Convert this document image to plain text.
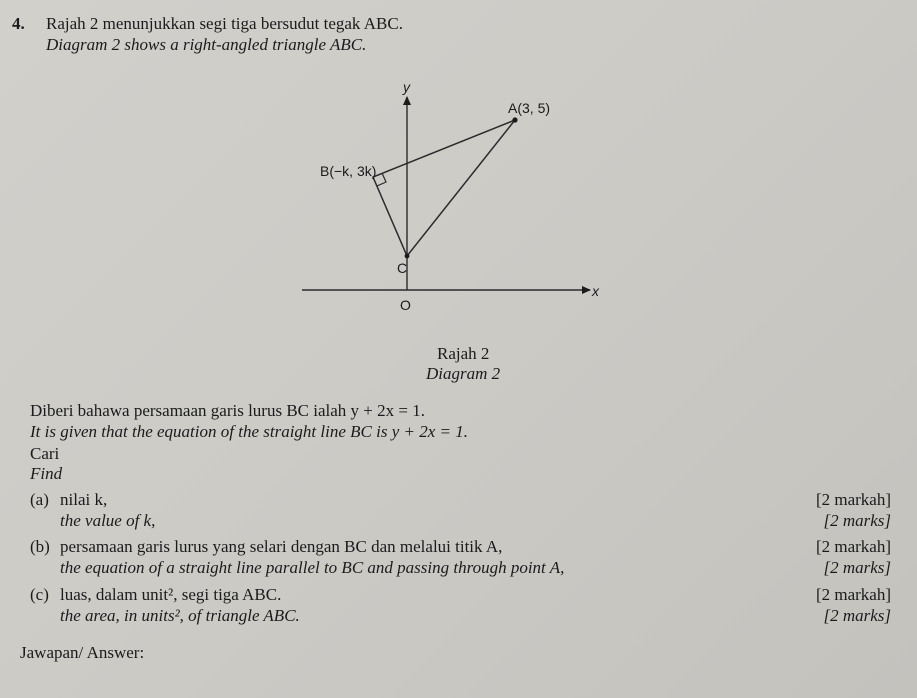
4. Rajah 2 menunjukkan segi tiga bersudut tegak ABC.
Diagram 2 shows a right-angled triangle ABC.
y
x
A(3, 5)
B(−k, 3k)
C
O
Rajah 2
Diagram 2
Diberi bahawa persamaan garis lurus BC ialah y + 2x = 1.
It is given that the equation of the straight line BC is y + 2x = 1.
Cari
Find
(a) nilai k,
the value of k,
[2 markah]
[2 marks]
(b) persamaan garis lurus yang selari dengan BC dan melalui titik A,
the equation of a straight line parallel to BC and passing through point A,
[2 markah]
[2 marks]
(c) luas, dalam unit², segi tiga ABC.
the area, in units², of triangle ABC.
[2 markah]
[2 marks]
Jawapan/ Answer:
